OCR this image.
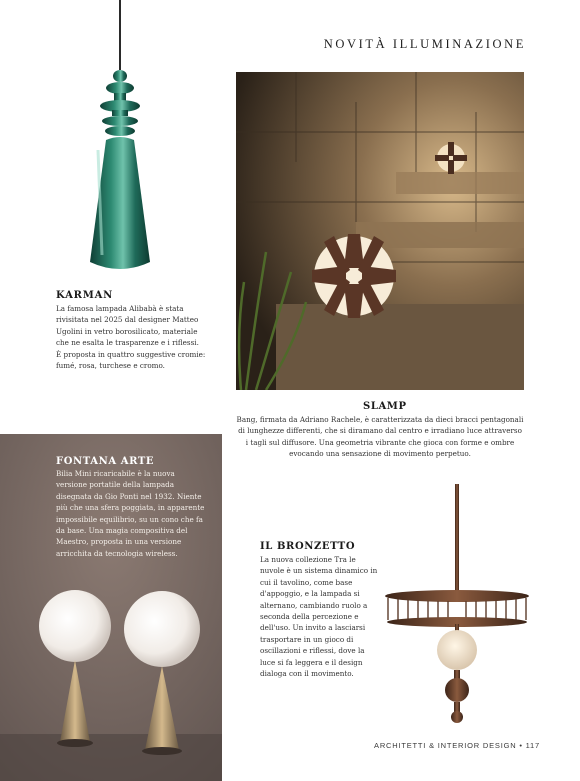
NOVITÀ ILLUMINAZIONE
KARMAN
La famosa lampada Alibabà è stata rivisitata nel 2025 dal designer Matteo Ugolini in vetro borosilicato, materiale che ne esalta le trasparenze e i riflessi. È proposta in quattro suggestive cromie: fumé, rosa, turchese e cromo.
SLAMP
Bang, firmata da Adriano Rachele, è caratterizzata da dieci bracci pentagonali di lunghezze differenti, che si diramano dal centro e irradiano luce attraverso i tagli sul diffusore. Una geometria vibrante che gioca con forme e ombre evocando una sensazione di movimento perpetuo.
FONTANA ARTE
Bilia Mini ricaricabile è la nuova versione portatile della lampada disegnata da Gio Ponti nel 1932. Niente più che una sfera poggiata, in apparente impossibile equilibrio, su un cono che fa da base. Una magia compositiva del Maestro, proposta in una versione arricchita da tecnologia wireless.
IL BRONZETTO
La nuova collezione Tra le nuvole è un sistema dinamico in cui il tavolino, come base d'appoggio, e la lampada si alternano, cambiando ruolo a seconda della percezione e dell'uso. Un invito a lasciarsi trasportare in un gioco di oscillazioni e riflessi, dove la luce si fa leggera e il design dialoga con il movimento.
ARCHITETTI & INTERIOR DESIGN • 117
